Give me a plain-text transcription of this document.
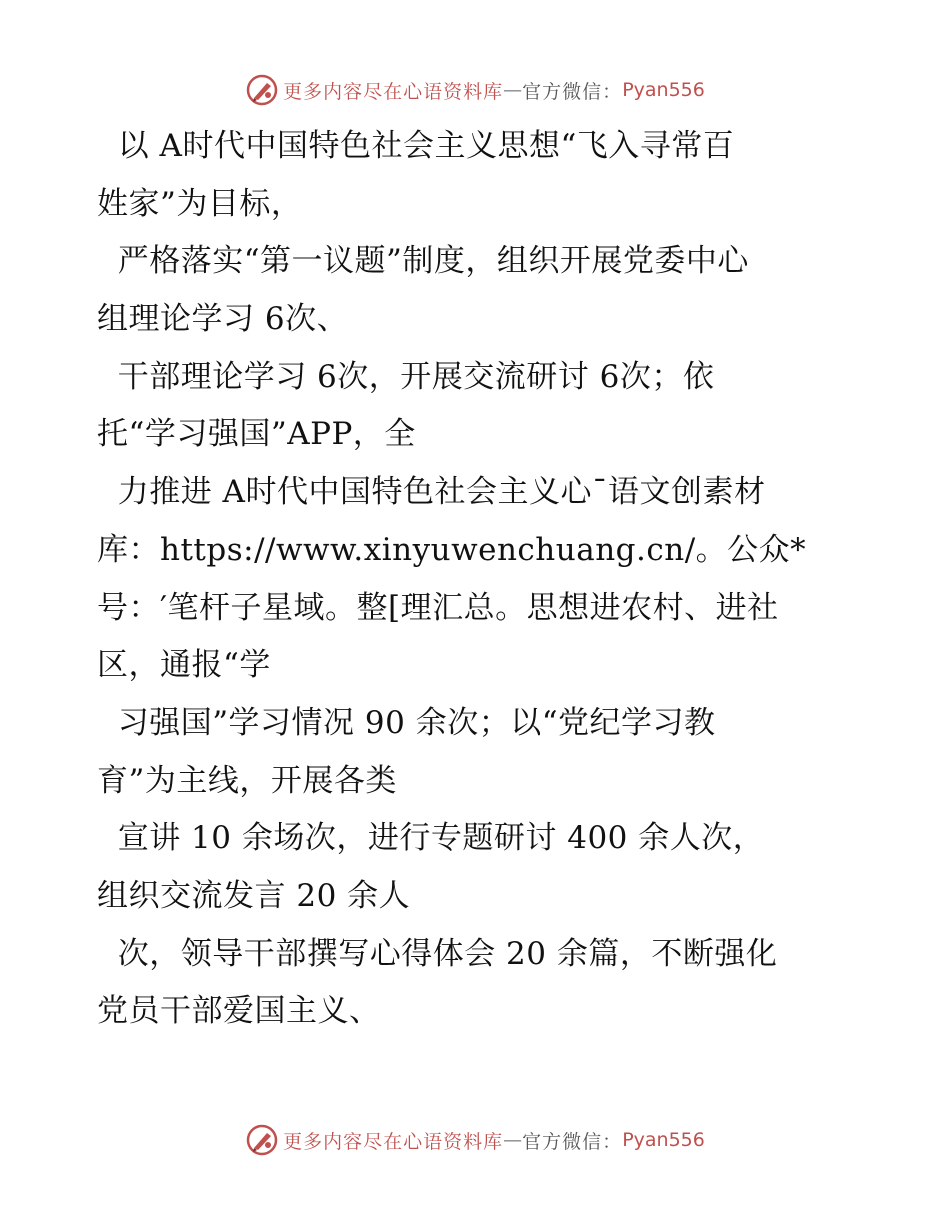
更多内容尽在心语资料库 — 官方微信： Pyan556
以 A时代中国特色社会主义思想“飞入寻常百
姓家”为目标，
严格落实“第一议题”制度，组织开展党委中心
组理论学习 6次、
干部理论学习 6次，开展交流研讨 6次；依
托“学习强国”APP，全
力推进 A时代中国特色社会主义心¯语文创素材
库：https://www.xinyuwenchuang.cn/。公众*
号：′笔杆子星域。整[理汇总。思想进农村、进社
区，通报“学
习强国”学习情况 90 余次；以“党纪学习教
育”为主线，开展各类
宣讲 10 余场次，进行专题研讨 400 余人次，
组织交流发言 20 余人
次，领导干部撰写心得体会 20 余篇，不断强化
党员干部爱国主义、
更多内容尽在心语资料库 — 官方微信： Pyan556
